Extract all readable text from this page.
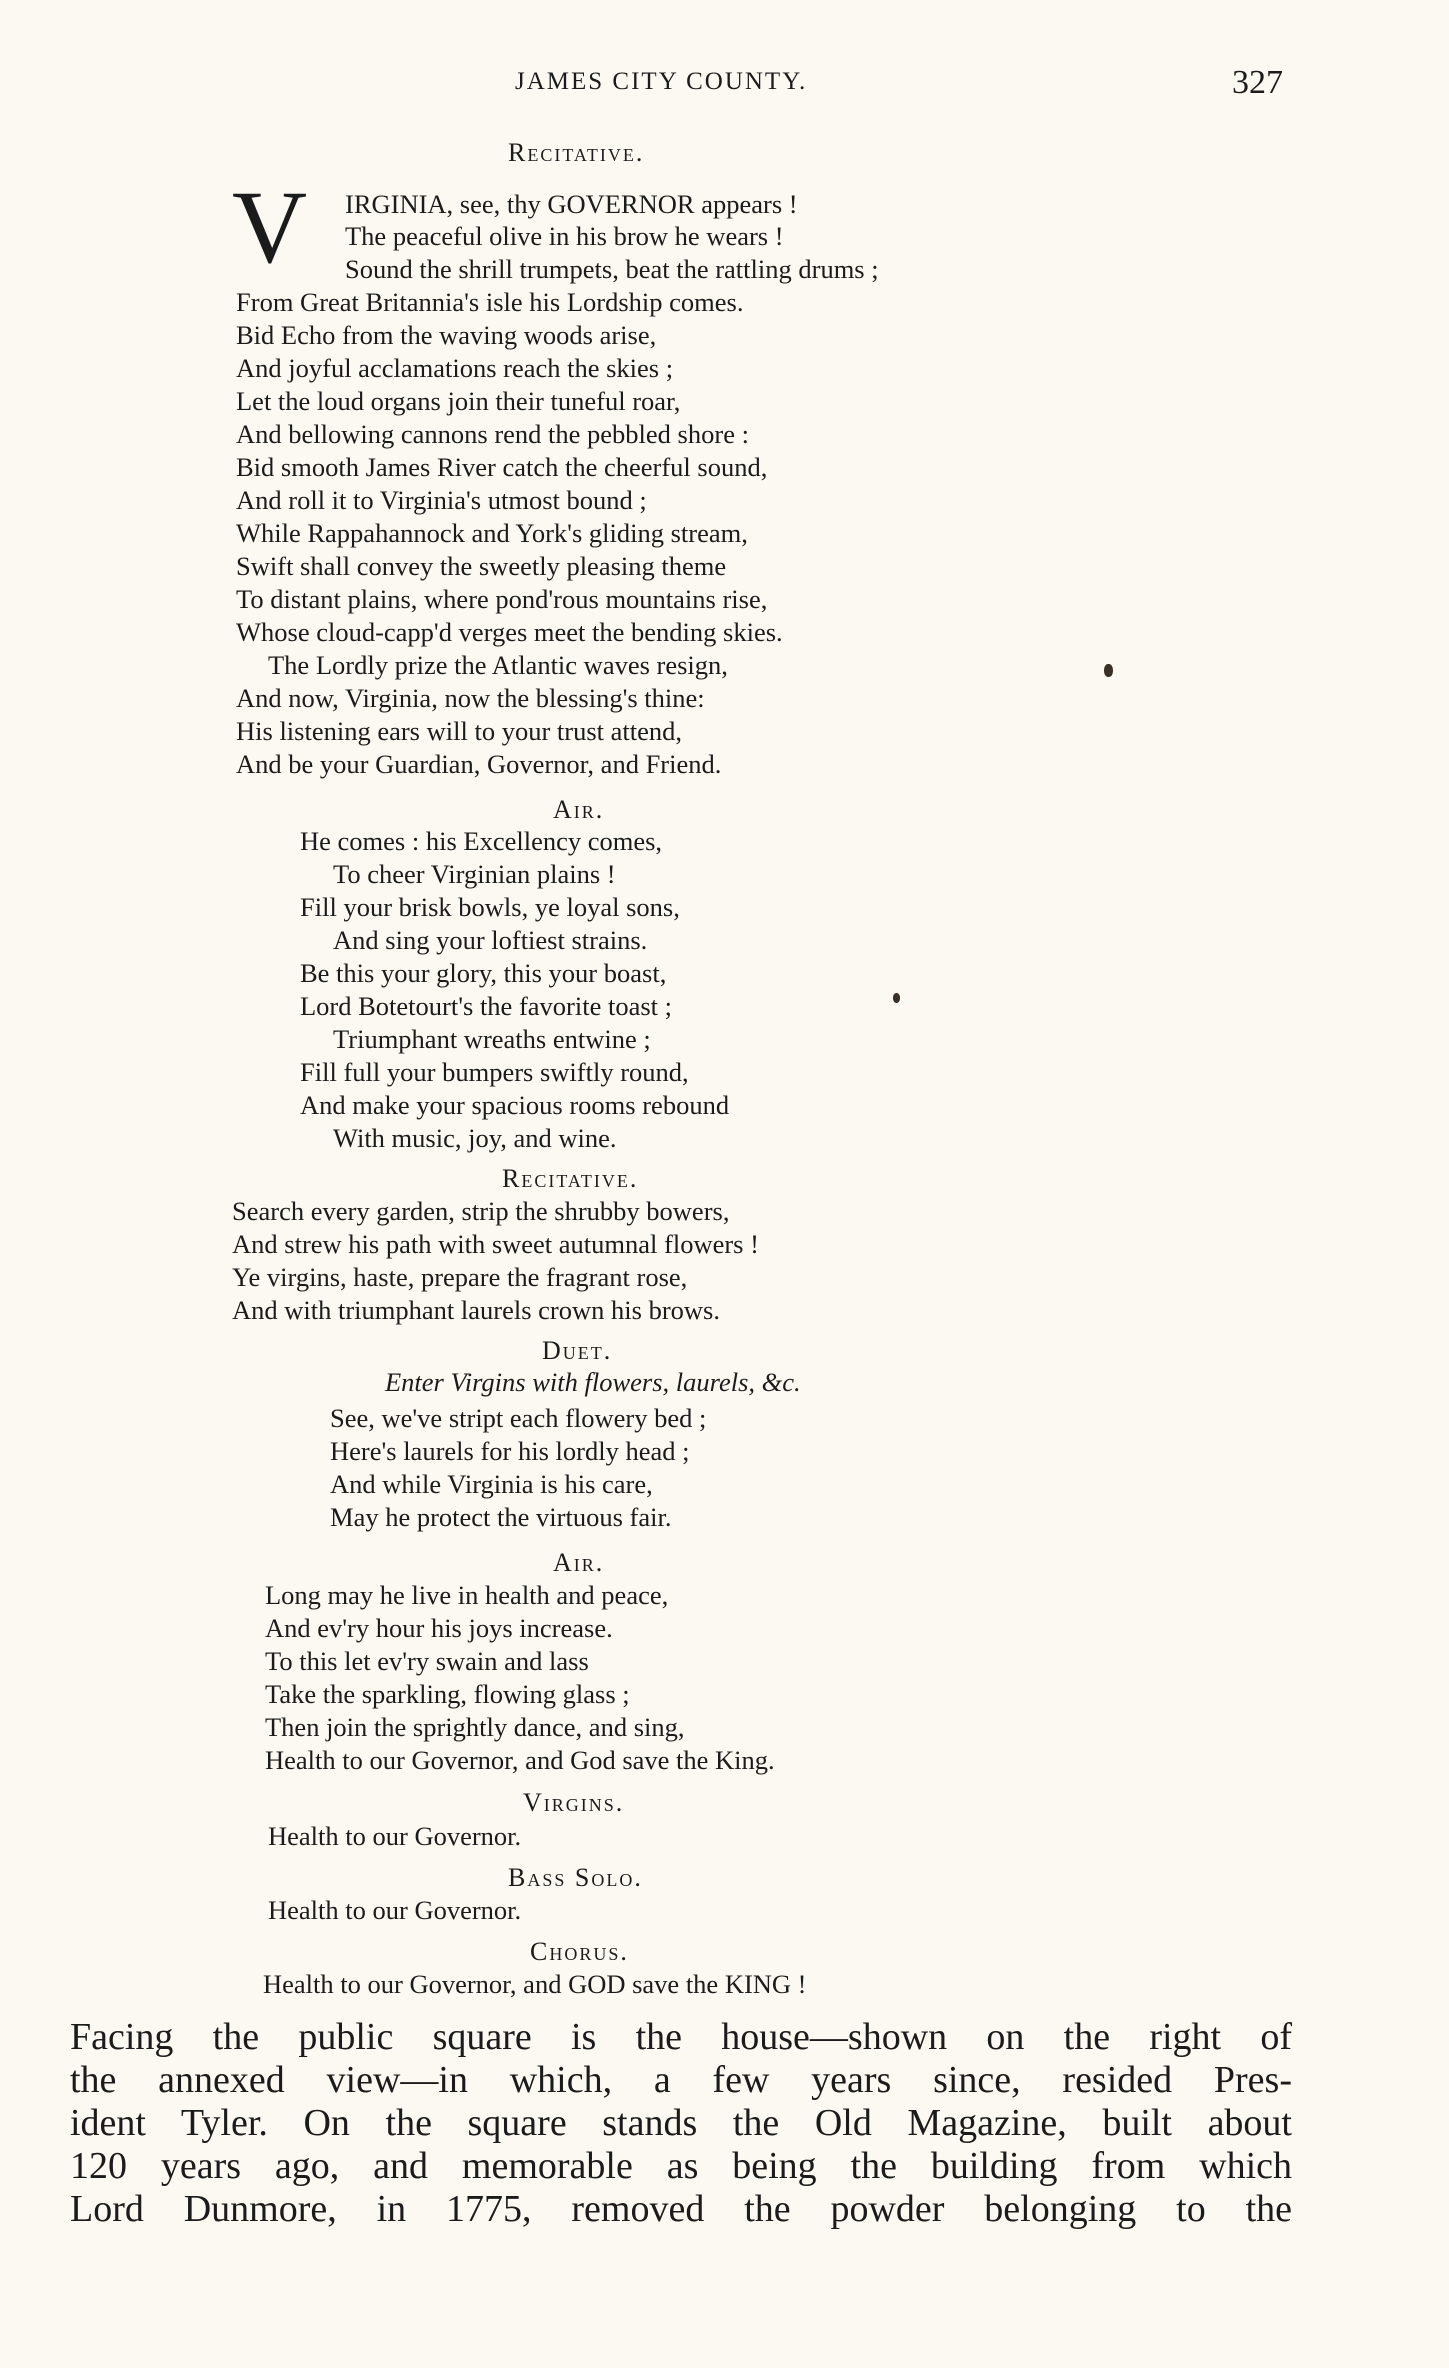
JAMES CITY COUNTY.	327
Recitative.
V IRGINIA, see, thy GOVERNOR appears !
The peaceful olive in his brow he wears !
Sound the shrill trumpets, beat the rattling drums ;
From Great Britannia's isle his Lordship comes.
Bid Echo from the waving woods arise,
And joyful acclamations reach the skies ;
Let the loud organs join their tuneful roar,
And bellowing cannons rend the pebbled shore :
Bid smooth James River catch the cheerful sound,
And roll it to Virginia's utmost bound ;
While Rappahannock and York's gliding stream,
Swift shall convey the sweetly pleasing theme
To distant plains, where pond'rous mountains rise,
Whose cloud-capp'd verges meet the bending skies.
The Lordly prize the Atlantic waves resign,
And now, Virginia, now the blessing's thine:
His listening ears will to your trust attend,
And be your Guardian, Governor, and Friend.
Air.
He comes : his Excellency comes,
To cheer Virginian plains !
Fill your brisk bowls, ye loyal sons,
And sing your loftiest strains.
Be this your glory, this your boast,
Lord Botetourt's the favorite toast ;
Triumphant wreaths entwine ;
Fill full your bumpers swiftly round,
And make your spacious rooms rebound
With music, joy, and wine.
Recitative.
Search every garden, strip the shrubby bowers,
And strew his path with sweet autumnal flowers !
Ye virgins, haste, prepare the fragrant rose,
And with triumphant laurels crown his brows.
Duet.
Enter Virgins with flowers, laurels, &c.
See, we've stript each flowery bed ;
Here's laurels for his lordly head ;
And while Virginia is his care,
May he protect the virtuous fair.
Air.
Long may he live in health and peace,
And ev'ry hour his joys increase.
To this let ev'ry swain and lass
Take the sparkling, flowing glass ;
Then join the sprightly dance, and sing,
Health to our Governor, and God save the King.
Virgins.
Health to our Governor.
Bass Solo.
Health to our Governor.
Chorus.
Health to our Governor, and GOD save the KING !
Facing the public square is the house—shown on the right of
the annexed view—in which, a few years since, resided Pres-
ident Tyler. On the square stands the Old Magazine, built about
120 years ago, and memorable as being the building from which
Lord Dunmore, in 1775, removed the powder belonging to the
